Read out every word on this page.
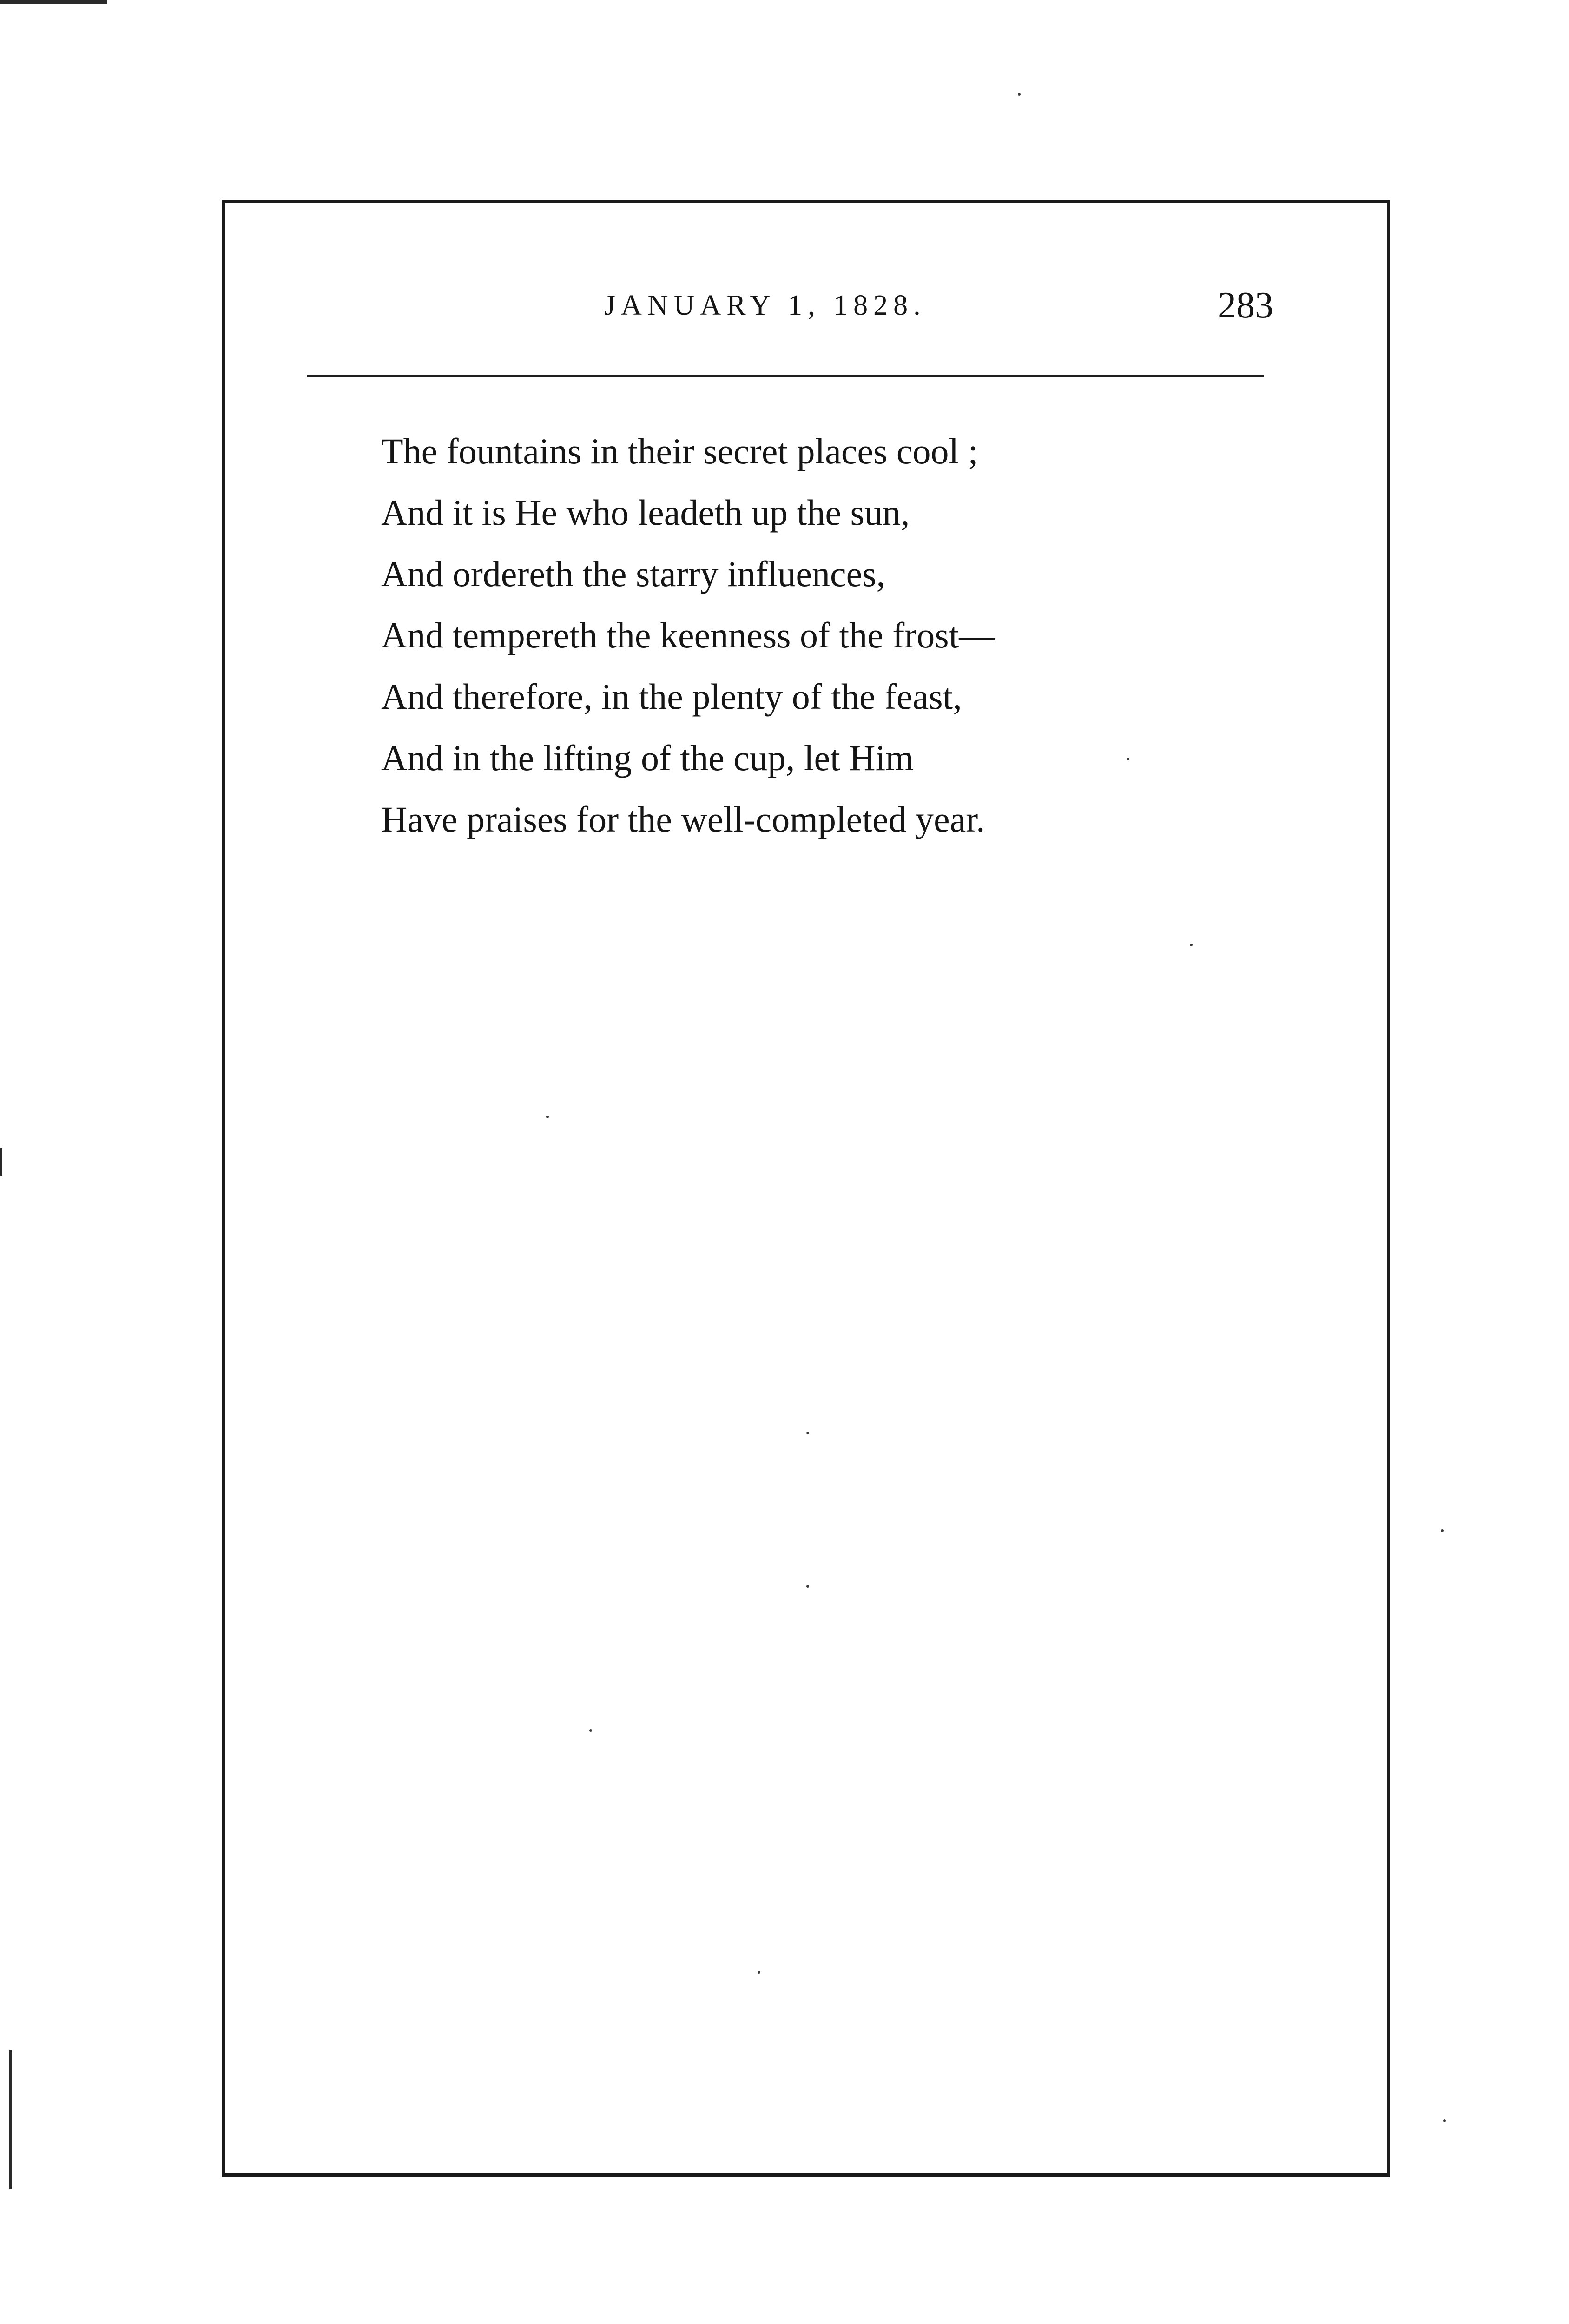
JANUARY 1, 1828.	283
The fountains in their secret places cool ;
And it is He who leadeth up the sun,
And ordereth the starry influences,
And tempereth the keenness of the frost—
And therefore, in the plenty of the feast,
And in the lifting of the cup, let Him
Have praises for the well-completed year.
